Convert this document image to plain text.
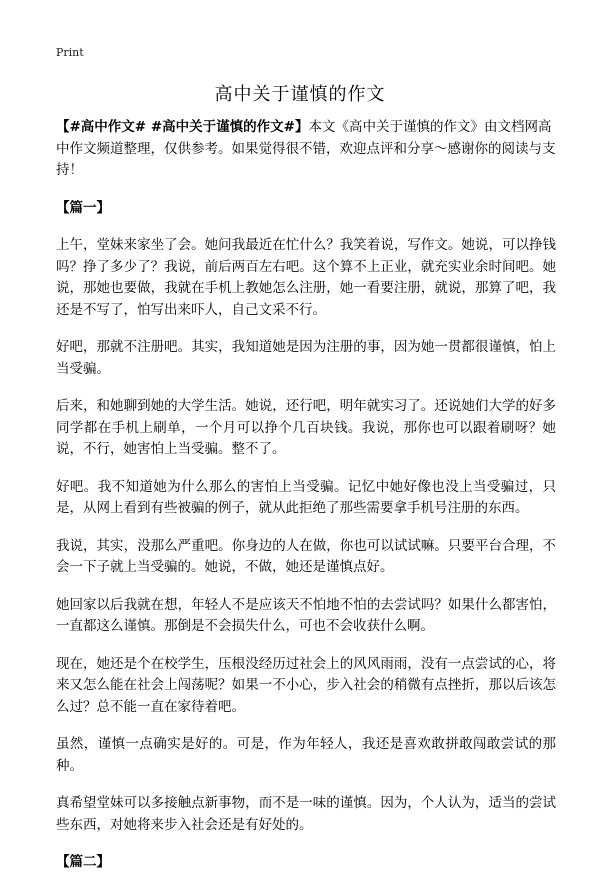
Print
高中关于谨慎的作文

【#高中作文# #高中关于谨慎的作文#】本文《高中关于谨慎的作文》由文档网高中作文频道整理，仅供参考。如果觉得很不错，欢迎点评和分享～感谢你的阅读与支持！

【篇一】

上午，堂妹来家坐了会。她问我最近在忙什么？我笑着说，写作文。她说，可以挣钱吗？挣了多少了？我说，前后两百左右吧。这个算不上正业，就充实业余时间吧。她说，那她也要做，我就在手机上教她怎么注册，她一看要注册，就说，那算了吧，我还是不写了，怕写出来吓人，自己文采不行。

好吧，那就不注册吧。其实，我知道她是因为注册的事，因为她一贯都很谨慎，怕上当受骗。

后来，和她聊到她的大学生活。她说，还行吧，明年就实习了。还说她们大学的好多同学都在手机上刷单，一个月可以挣个几百块钱。我说，那你也可以跟着刷呀？她说，不行，她害怕上当受骗。整不了。

好吧。我不知道她为什么那么的害怕上当受骗。记忆中她好像也没上当受骗过，只是，从网上看到有些被骗的例子，就从此拒绝了那些需要拿手机号注册的东西。

我说，其实，没那么严重吧。你身边的人在做，你也可以试试嘛。只要平台合理，不会一下子就上当受骗的。她说，不做，她还是谨慎点好。

她回家以后我就在想，年轻人不是应该天不怕地不怕的去尝试吗？如果什么都害怕，一直都这么谨慎。那倒是不会损失什么，可也不会收获什么啊。

现在，她还是个在校学生，压根没经历过社会上的风风雨雨，没有一点尝试的心，将来又怎么能在社会上闯荡呢？如果一不小心，步入社会的稍微有点挫折，那以后该怎么过？总不能一直在家待着吧。

虽然，谨慎一点确实是好的。可是，作为年轻人，我还是喜欢敢拼敢闯敢尝试的那种。

真希望堂妹可以多接触点新事物，而不是一味的谨慎。因为，个人认为，适当的尝试些东西，对她将来步入社会还是有好处的。

【篇二】
